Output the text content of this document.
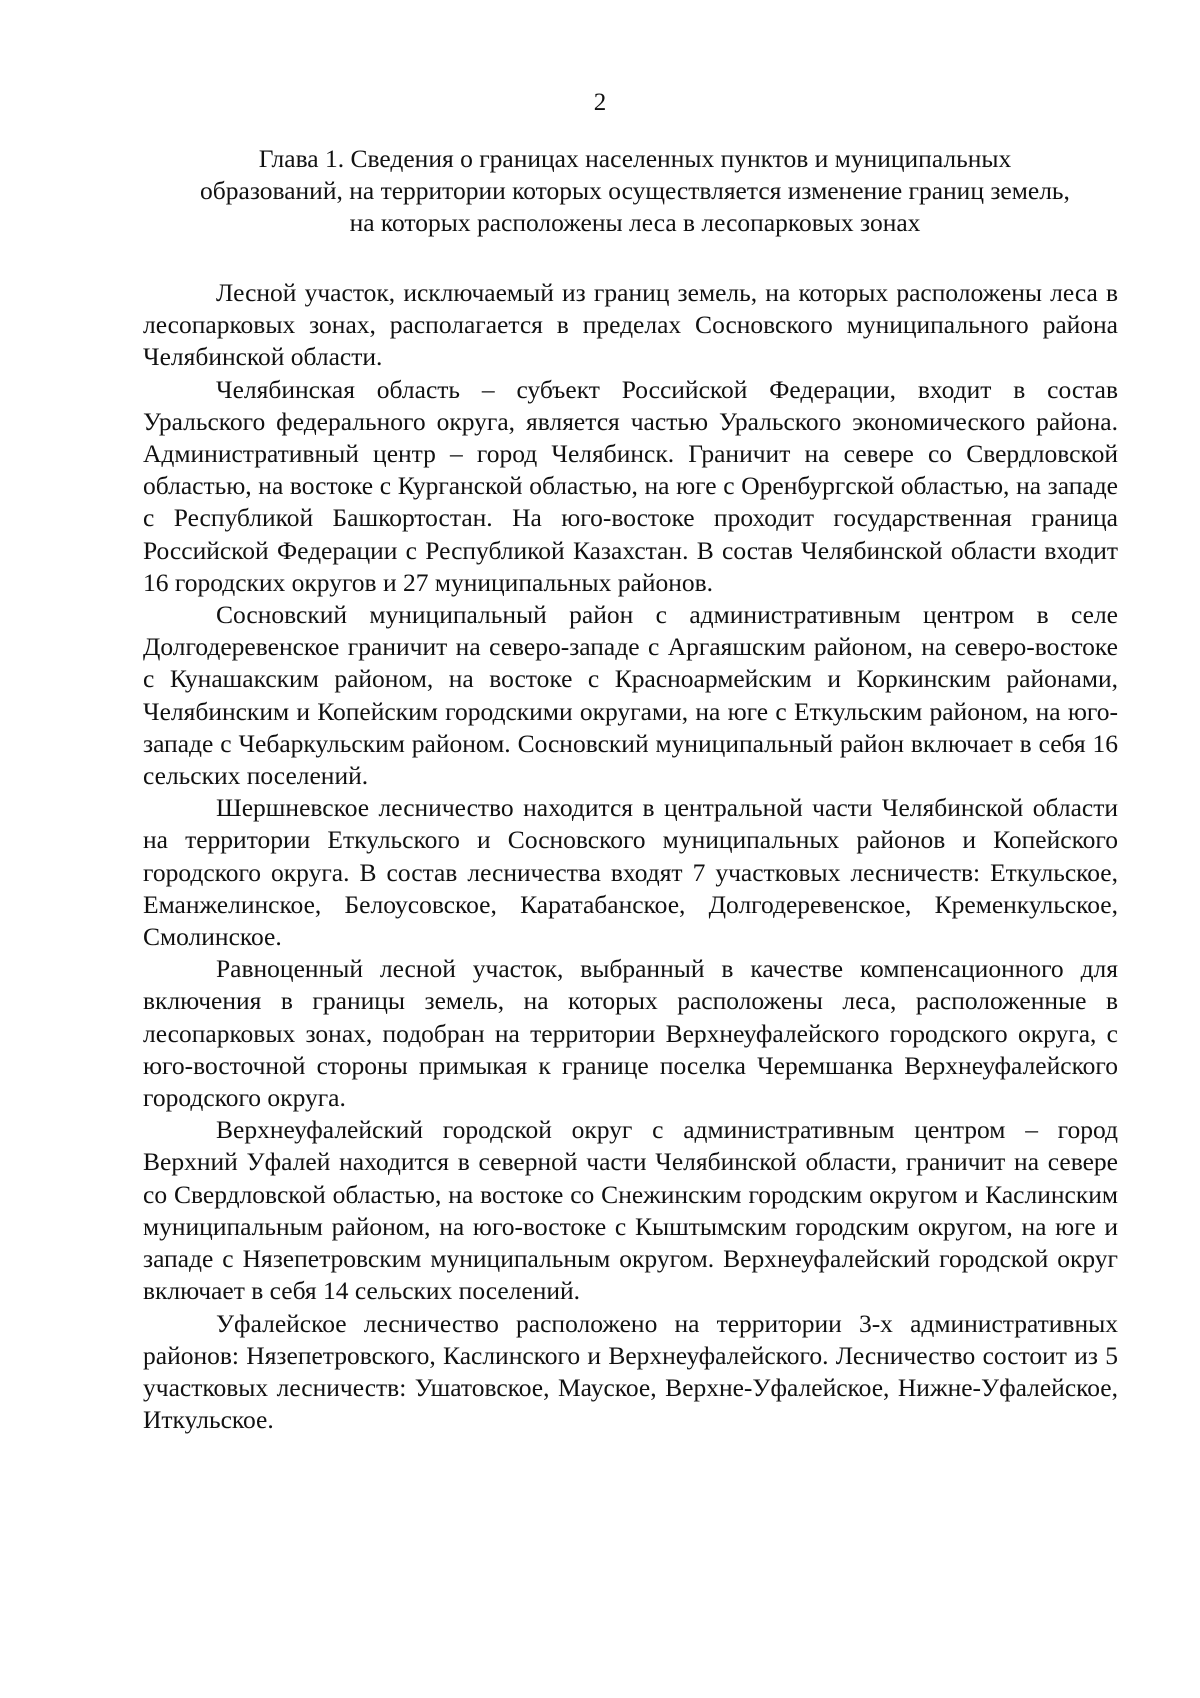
2
Глава 1. Сведения о границах населенных пунктов и муниципальных
образований, на территории которых осуществляется изменение границ земель,
на которых расположены леса в лесопарковых зонах

Лесной участок, исключаемый из границ земель, на которых расположены леса в лесопарковых зонах, располагается в пределах Сосновского муниципального района Челябинской области.

Челябинская область – субъект Российской Федерации, входит в состав Уральского федерального округа, является частью Уральского экономического района. Административный центр – город Челябинск. Граничит на севере со Свердловской областью, на востоке с Курганской областью, на юге с Оренбургской областью, на западе с Республикой Башкортостан. На юго-востоке проходит государственная граница Российской Федерации с Республикой Казахстан. В состав Челябинской области входит 16 городских округов и 27 муниципальных районов.

Сосновский муниципальный район с административным центром в селе Долгодеревенское граничит на северо-западе с Аргаяшским районом, на северо-востоке с Кунашакским районом, на востоке с Красноармейским и Коркинским районами, Челябинским и Копейским городскими округами, на юге с Еткульским районом, на юго-западе с Чебаркульским районом. Сосновский муниципальный район включает в себя 16 сельских поселений.

Шершневское лесничество находится в центральной части Челябинской области на территории Еткульского и Сосновского муниципальных районов и Копейского городского округа. В состав лесничества входят 7 участковых лесничеств: Еткульское, Еманжелинское, Белоусовское, Каратабанское, Долгодеревенское, Кременкульское, Смолинское.

Равноценный лесной участок, выбранный в качестве компенсационного для включения в границы земель, на которых расположены леса, расположенные в лесопарковых зонах, подобран на территории Верхнеуфалейского городского округа, с юго-восточной стороны примыкая к границе поселка Черемшанка Верхнеуфалейского городского округа.

Верхнеуфалейский городской округ с административным центром – город Верхний Уфалей находится в северной части Челябинской области, граничит на севере со Свердловской областью, на востоке со Снежинским городским округом и Каслинским муниципальным районом, на юго-востоке с Кыштымским городским округом, на юге и западе с Нязепетровским муниципальным округом. Верхнеуфалейский городской округ включает в себя 14 сельских поселений.

Уфалейское лесничество расположено на территории 3-х административных районов: Нязепетровского, Каслинского и Верхнеуфалейского. Лесничество состоит из 5 участковых лесничеств: Ушатовское, Мауское, Верхне-Уфалейское, Нижне-Уфалейское, Иткульское.
